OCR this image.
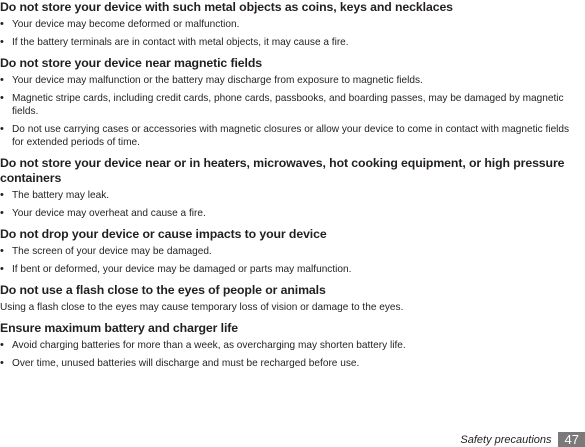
Do not store your device with such metal objects as coins, keys and necklaces
• Your device may become deformed or malfunction.
• If the battery terminals are in contact with metal objects, it may cause a fire.
Do not store your device near magnetic fields
• Your device may malfunction or the battery may discharge from exposure to magnetic fields.
• Magnetic stripe cards, including credit cards, phone cards, passbooks, and boarding passes, may be damaged by magnetic fields.
• Do not use carrying cases or accessories with magnetic closures or allow your device to come in contact with magnetic fields for extended periods of time.
Do not store your device near or in heaters, microwaves, hot cooking equipment, or high pressure containers
• The battery may leak.
• Your device may overheat and cause a fire.
Do not drop your device or cause impacts to your device
• The screen of your device may be damaged.
• If bent or deformed, your device may be damaged or parts may malfunction.
Do not use a flash close to the eyes of people or animals

Using a flash close to the eyes may cause temporary loss of vision or damage to the eyes.

Ensure maximum battery and charger life
• Avoid charging batteries for more than a week, as overcharging may shorten battery life.
• Over time, unused batteries will discharge and must be recharged before use.
Safety precautions	47
